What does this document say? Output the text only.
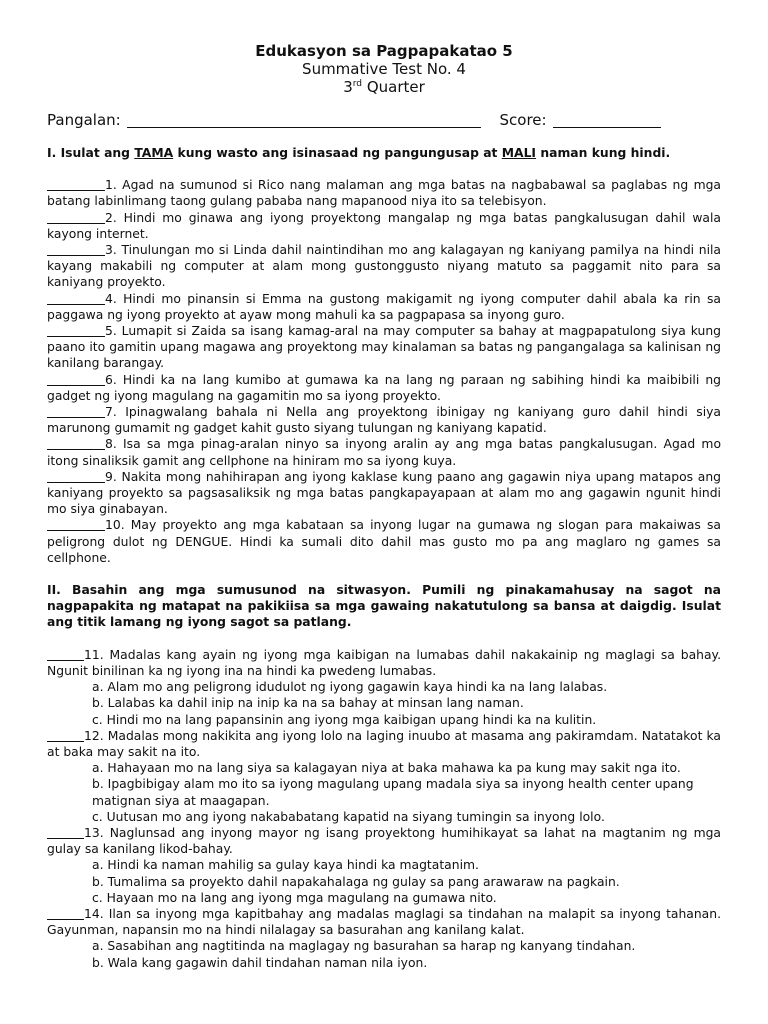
Edukasyon sa Pagpapakatao 5
Summative Test No. 4
3rd Quarter
Pangalan:	Score:

I. Isulat ang TAMA kung wasto ang isinasaad ng pangungusap at MALI naman kung hindi.

1. Agad na sumunod si Rico nang malaman ang mga batas na nagbabawal sa paglabas ng mga batang labinlimang taong gulang pababa nang mapanood niya ito sa telebisyon.

2. Hindi mo ginawa ang iyong proyektong mangalap ng mga batas pangkalusugan dahil wala kayong internet.

3. Tinulungan mo si Linda dahil naintindihan mo ang kalagayan ng kaniyang pamilya na hindi nila kayang makabili ng computer at alam mong gustonggusto niyang matuto sa paggamit nito para sa kaniyang proyekto.

4. Hindi mo pinansin si Emma na gustong makigamit ng iyong computer dahil abala ka rin sa paggawa ng iyong proyekto at ayaw mong mahuli ka sa pagpapasa sa inyong guro.

5. Lumapit si Zaida sa isang kamag-aral na may computer sa bahay at magpapatulong siya kung paano ito gamitin upang magawa ang proyektong may kinalaman sa batas ng pangangalaga sa kalinisan ng kanilang barangay.

6. Hindi ka na lang kumibo at gumawa ka na lang ng paraan ng sabihing hindi ka maibibili ng gadget ng iyong magulang na gagamitin mo sa iyong proyekto.

7. Ipinagwalang bahala ni Nella ang proyektong ibinigay ng kaniyang guro dahil hindi siya marunong gumamit ng gadget kahit gusto siyang tulungan ng kaniyang kapatid.

8. Isa sa mga pinag-aralan ninyo sa inyong aralin ay ang mga batas pangkalusugan. Agad mo itong sinaliksik gamit ang cellphone na hiniram mo sa iyong kuya.

9. Nakita mong nahihirapan ang iyong kaklase kung paano ang gagawin niya upang matapos ang kaniyang proyekto sa pagsasaliksik ng mga batas pangkapayapaan at alam mo ang gagawin ngunit hindi mo siya ginabayan.

10. May proyekto ang mga kabataan sa inyong lugar na gumawa ng slogan para makaiwas sa peligrong dulot ng DENGUE. Hindi ka sumali dito dahil mas gusto mo pa ang maglaro ng games sa cellphone.

II. Basahin ang mga sumusunod na sitwasyon. Pumili ng pinakamahusay na sagot na nagpapakita ng matapat na pakikiisa sa mga gawaing nakatutulong sa bansa at daigdig. Isulat ang titik lamang ng iyong sagot sa patlang.

11. Madalas kang ayain ng iyong mga kaibigan na lumabas dahil nakakainip ng maglagi sa bahay. Ngunit binilinan ka ng iyong ina na hindi ka pwedeng lumabas.

a. Alam mo ang peligrong idudulot ng iyong gagawin kaya hindi ka na lang lalabas.
b. Lalabas ka dahil inip na inip ka na sa bahay at minsan lang naman.
c. Hindi mo na lang papansinin ang iyong mga kaibigan upang hindi ka na kulitin.

12. Madalas mong nakikita ang iyong lolo na laging inuubo at masama ang pakiramdam. Natatakot ka at baka may sakit na ito.

a. Hahayaan mo na lang siya sa kalagayan niya at baka mahawa ka pa kung may sakit nga ito.
b. Ipagbibigay alam mo ito sa iyong magulang upang madala siya sa inyong health center upang matignan siya at maagapan.
c. Uutusan mo ang iyong nakababatang kapatid na siyang tumingin sa inyong lolo.

13. Naglunsad ang inyong mayor ng isang proyektong humihikayat sa lahat na magtanim ng mga gulay sa kanilang likod-bahay.

a. Hindi ka naman mahilig sa gulay kaya hindi ka magtatanim.
b. Tumalima sa proyekto dahil napakahalaga ng gulay sa pang arawaraw na pagkain.
c. Hayaan mo na lang ang iyong mga magulang na gumawa nito.

14. Ilan sa inyong mga kapitbahay ang madalas maglagi sa tindahan na malapit sa inyong tahanan. Gayunman, napansin mo na hindi nilalagay sa basurahan ang kanilang kalat.

a. Sasabihan ang nagtitinda na maglagay ng basurahan sa harap ng kanyang tindahan.
b. Wala kang gagawin dahil tindahan naman nila iyon.
